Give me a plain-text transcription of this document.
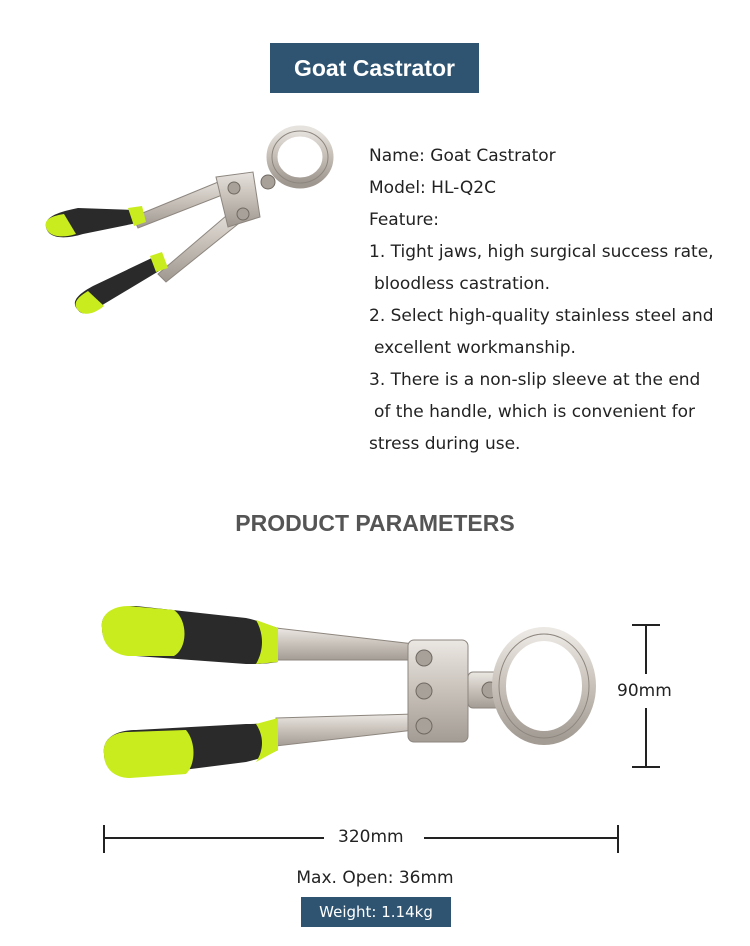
Goat Castrator
Name: Goat Castrator
Model: HL-Q2C
Feature:
1. Tight jaws, high surgical success rate,
bloodless castration.
2. Select high-quality stainless steel and
excellent workmanship.
3. There is a non-slip sleeve at the end
of the handle, which is convenient for
stress during use.
PRODUCT PARAMETERS
90mm
320mm
Max. Open: 36mm
Weight: 1.14kg
